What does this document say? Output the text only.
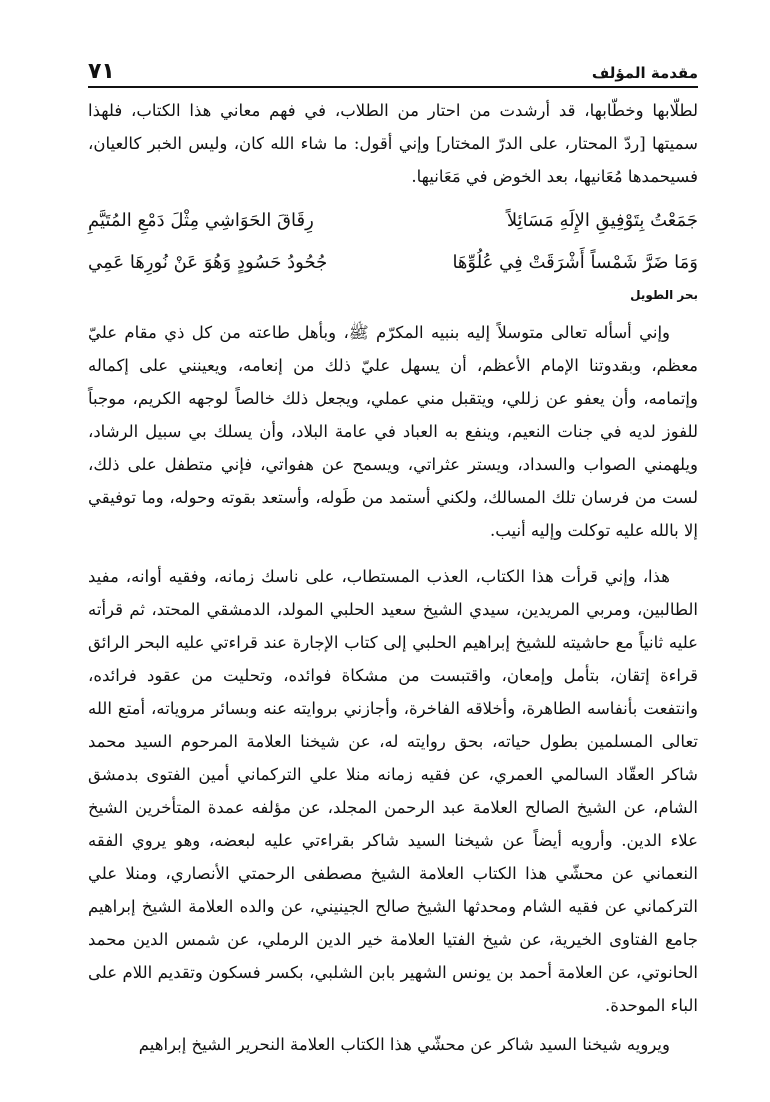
٧١	مقدمة المؤلف

لطلّابها وخطّابها، قد أرشدت من احتار من الطلاب، في فهم معاني هذا الكتاب، فلهذا سميتها [ردّ المحتار، على الدرّ المختار] وإني أقول: ما شاء الله كان، وليس الخبر كالعيان، فسيحمدها مُعَانيها، بعد الخوض في مَعَانيها.

جَمَعْتُ بِتَوْفِيقِ الإِلَهِ مَسَائِلاً
رِقَاقَ الحَوَاشِي مِثْلَ دَمْعِ المُتَيَّمِ
وَمَا ضَرَّ شَمْساً أَشْرَقَتْ فِي عُلُوِّهَا
جُحُودُ حَسُودٍ وَهُوَ عَنْ نُورِهَا عَمِي
بحر الطويل

وإني أسأله تعالى متوسلاً إليه بنبيه المكرّم ﷺ، وبأهل طاعته من كل ذي مقام عليّ معظم، وبقدوتنا الإمام الأعظم، أن يسهل عليّ ذلك من إنعامه، ويعينني على إكماله وإتمامه، وأن يعفو عن زللي، ويتقبل مني عملي، ويجعل ذلك خالصاً لوجهه الكريم، موجباً للفوز لديه في جنات النعيم، وينفع به العباد في عامة البلاد، وأن يسلك بي سبيل الرشاد، ويلهمني الصواب والسداد، ويستر عثراتي، ويسمح عن هفواتي، فإني متطفل على ذلك، لست من فرسان تلك المسالك، ولكني أستمد من طَوله، وأستعد بقوته وحوله، وما توفيقي إلا بالله عليه توكلت وإليه أنيب.

هذا، وإني قرأت هذا الكتاب، العذب المستطاب، على ناسك زمانه، وفقيه أوانه، مفيد الطالبين، ومربي المريدين، سيدي الشيخ سعيد الحلبي المولد، الدمشقي المحتد، ثم قرأته عليه ثانياً مع حاشيته للشيخ إبراهيم الحلبي إلى كتاب الإجارة عند قراءتي عليه البحر الرائق قراءة إتقان، بتأمل وإمعان، واقتبست من مشكاة فوائده، وتحليت من عقود فرائده، وانتفعت بأنفاسه الطاهرة، وأخلاقه الفاخرة، وأجازني بروايته عنه وبسائر مروياته، أمتع الله تعالى المسلمين بطول حياته، بحق روايته له، عن شيخنا العلامة المرحوم السيد محمد شاكر العقّاد السالمي العمري، عن فقيه زمانه منلا علي التركماني أمين الفتوى بدمشق الشام، عن الشيخ الصالح العلامة عبد الرحمن المجلد، عن مؤلفه عمدة المتأخرين الشيخ علاء الدين. وأرويه أيضاً عن شيخنا السيد شاكر بقراءتي عليه لبعضه، وهو يروي الفقه النعماني عن محشّي هذا الكتاب العلامة الشيخ مصطفى الرحمتي الأنصاري، ومنلا علي التركماني عن فقيه الشام ومحدثها الشيخ صالح الجينيني، عن والده العلامة الشيخ إبراهيم جامع الفتاوى الخيرية، عن شيخ الفتيا العلامة خير الدين الرملي، عن شمس الدين محمد الحانوتي، عن العلامة أحمد بن يونس الشهير بابن الشلبي، بكسر فسكون وتقديم اللام على الباء الموحدة.

ويرويه شيخنا السيد شاكر عن محشّي هذا الكتاب العلامة النحرير الشيخ إبراهيم
